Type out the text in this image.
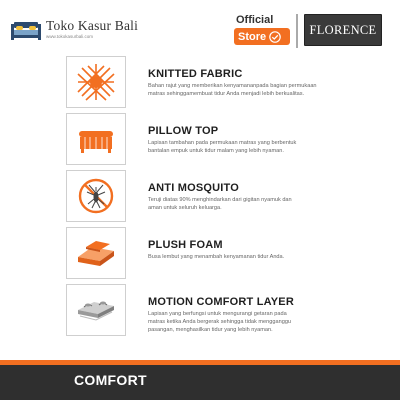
Toko Kasur Bali
www.tokokasurbali.com
Official
Store	FLORENCE
KNITTED FABRIC
Bahan rajut yang memberikan kenyamananpada bagian permukaan
matras sehinggamembuat tidur Anda menjadi lebih berkualitas.
PILLOW TOP
Lapisan tambahan pada permukaan matras yang berbentuk
bantalan empuk untuk tidur malam yang lebih nyaman.
ANTI MOSQUITO
Teruji diatas 90% menghindarkan dari gigitan nyamuk dan
aman untuk seluruh keluarga.
PLUSH FOAM
Busa lembut yang menambah kenyamanan tidur Anda.
MOTION COMFORT LAYER
Lapisan yang berfungsi untuk mengurangi getaran pada
matras ketika Anda bergerak sehingga tidak mengganggu
pasangan, menghasilkan tidur yang lebih nyaman.
COMFORT
